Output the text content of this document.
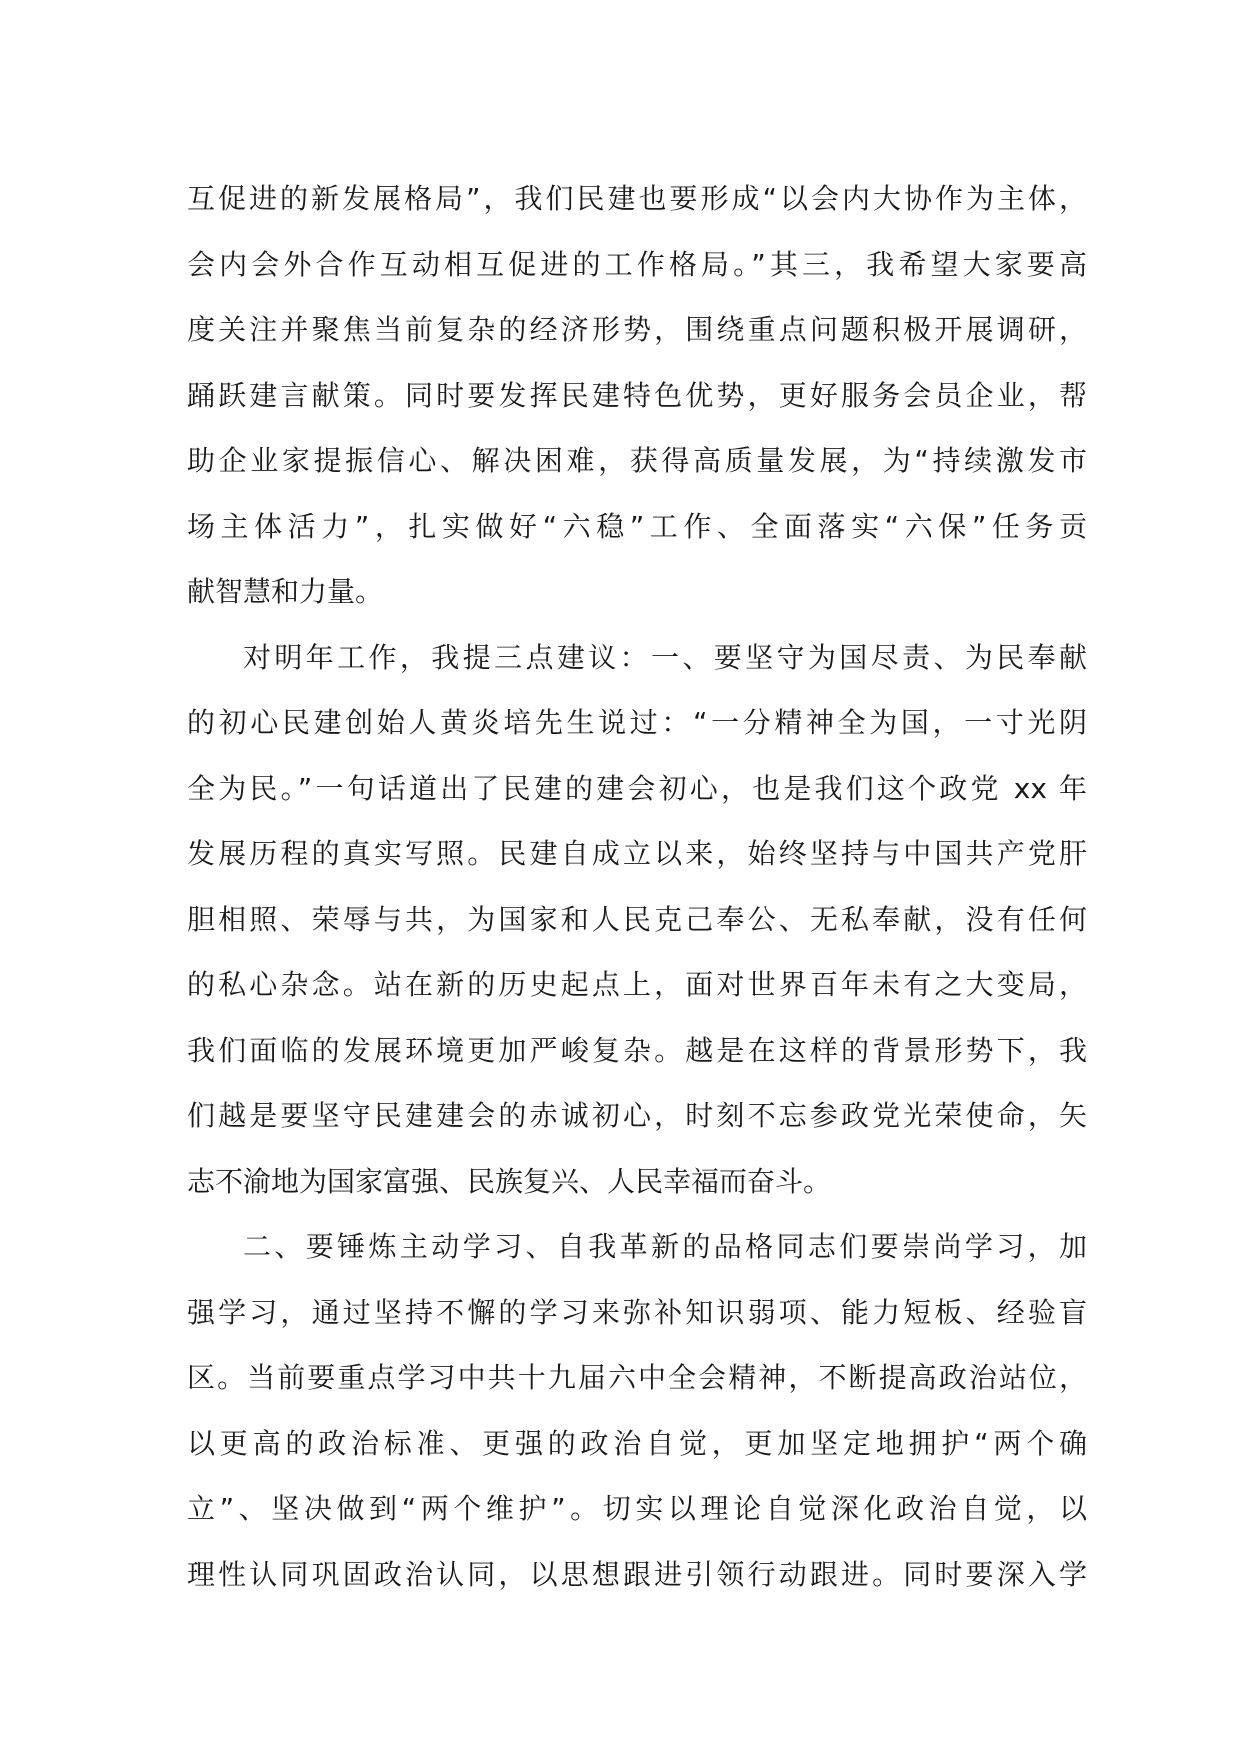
互促进的新发展格局”，我们民建也要形成“以会内大协作为主体，
会内会外合作互动相互促进的工作格局。”其三，我希望大家要高
度关注并聚焦当前复杂的经济形势，围绕重点问题积极开展调研，
踊跃建言献策。同时要发挥民建特色优势，更好服务会员企业，帮
助企业家提振信心、解决困难，获得高质量发展，为“持续激发市
场主体活力”，扎实做好“六稳”工作、全面落实“六保”任务贡
献智慧和力量。
对明年工作，我提三点建议：一、要坚守为国尽责、为民奉献
的初心民建创始人黄炎培先生说过：“一分精神全为国，一寸光阴
全为民。”一句话道出了民建的建会初心，也是我们这个政党 xx 年
发展历程的真实写照。民建自成立以来，始终坚持与中国共产党肝
胆相照、荣辱与共，为国家和人民克己奉公、无私奉献，没有任何
的私心杂念。站在新的历史起点上，面对世界百年未有之大变局，
我们面临的发展环境更加严峻复杂。越是在这样的背景形势下，我
们越是要坚守民建建会的赤诚初心，时刻不忘参政党光荣使命，矢
志不渝地为国家富强、民族复兴、人民幸福而奋斗。
二、要锤炼主动学习、自我革新的品格同志们要崇尚学习，加
强学习，通过坚持不懈的学习来弥补知识弱项、能力短板、经验盲
区。当前要重点学习中共十九届六中全会精神，不断提高政治站位，
以更高的政治标准、更强的政治自觉，更加坚定地拥护“两个确
立”、坚决做到“两个维护”。切实以理论自觉深化政治自觉，以
理性认同巩固政治认同，以思想跟进引领行动跟进。同时要深入学
